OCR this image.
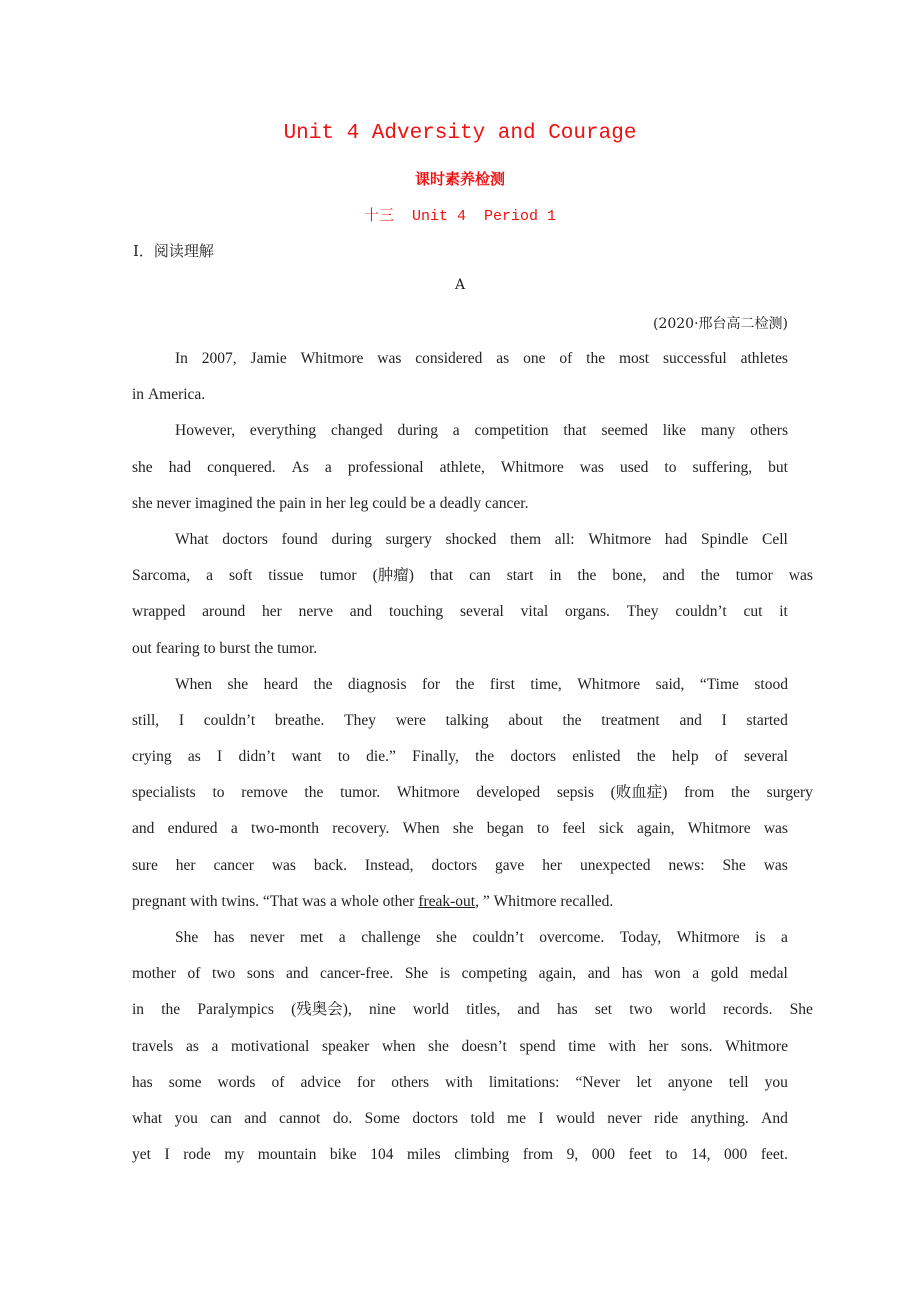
Unit 4 Adversity and Courage
课时素养检测
十三  Unit 4  Period 1
Ⅰ．阅读理解
A
(2020·邢台高二检测)
In 2007, Jamie Whitmore was considered as one of the most successful athletes
in America.
However, everything changed during a competition that seemed like many others
she had conquered. As a professional athlete, Whitmore was used to suffering, but
she never imagined the pain in her leg could be a deadly cancer.
What doctors found during surgery shocked them all: Whitmore had Spindle Cell
Sarcoma, a soft tissue tumor (肿瘤) that can start in the bone, and the tumor was
wrapped around her nerve and touching several vital organs. They couldn’t cut it
out fearing to burst the tumor.
When she heard the diagnosis for the first time, Whitmore said, “Time stood
still, I couldn’t breathe. They were talking about the treatment and I started
crying as I didn’t want to die.” Finally, the doctors enlisted the help of several
specialists to remove the tumor. Whitmore developed sepsis (败血症) from the surgery
and endured a two-month recovery. When she began to feel sick again, Whitmore was
sure her cancer was back. Instead, doctors gave her unexpected news: She was
pregnant with twins. “That was a whole other freak-out, ” Whitmore recalled.
She has never met a challenge she couldn’t overcome. Today, Whitmore is a
mother of two sons and cancer-free. She is competing again, and has won a gold medal
in the Paralympics (残奥会), nine world titles, and has set two world records. She
travels as a motivational speaker when she doesn’t spend time with her sons. Whitmore
has some words of advice for others with limitations: “Never let anyone tell you
what you can and cannot do. Some doctors told me I would never ride anything. And
yet I rode my mountain bike 104 miles climbing from 9, 000 feet to 14, 000 feet.
